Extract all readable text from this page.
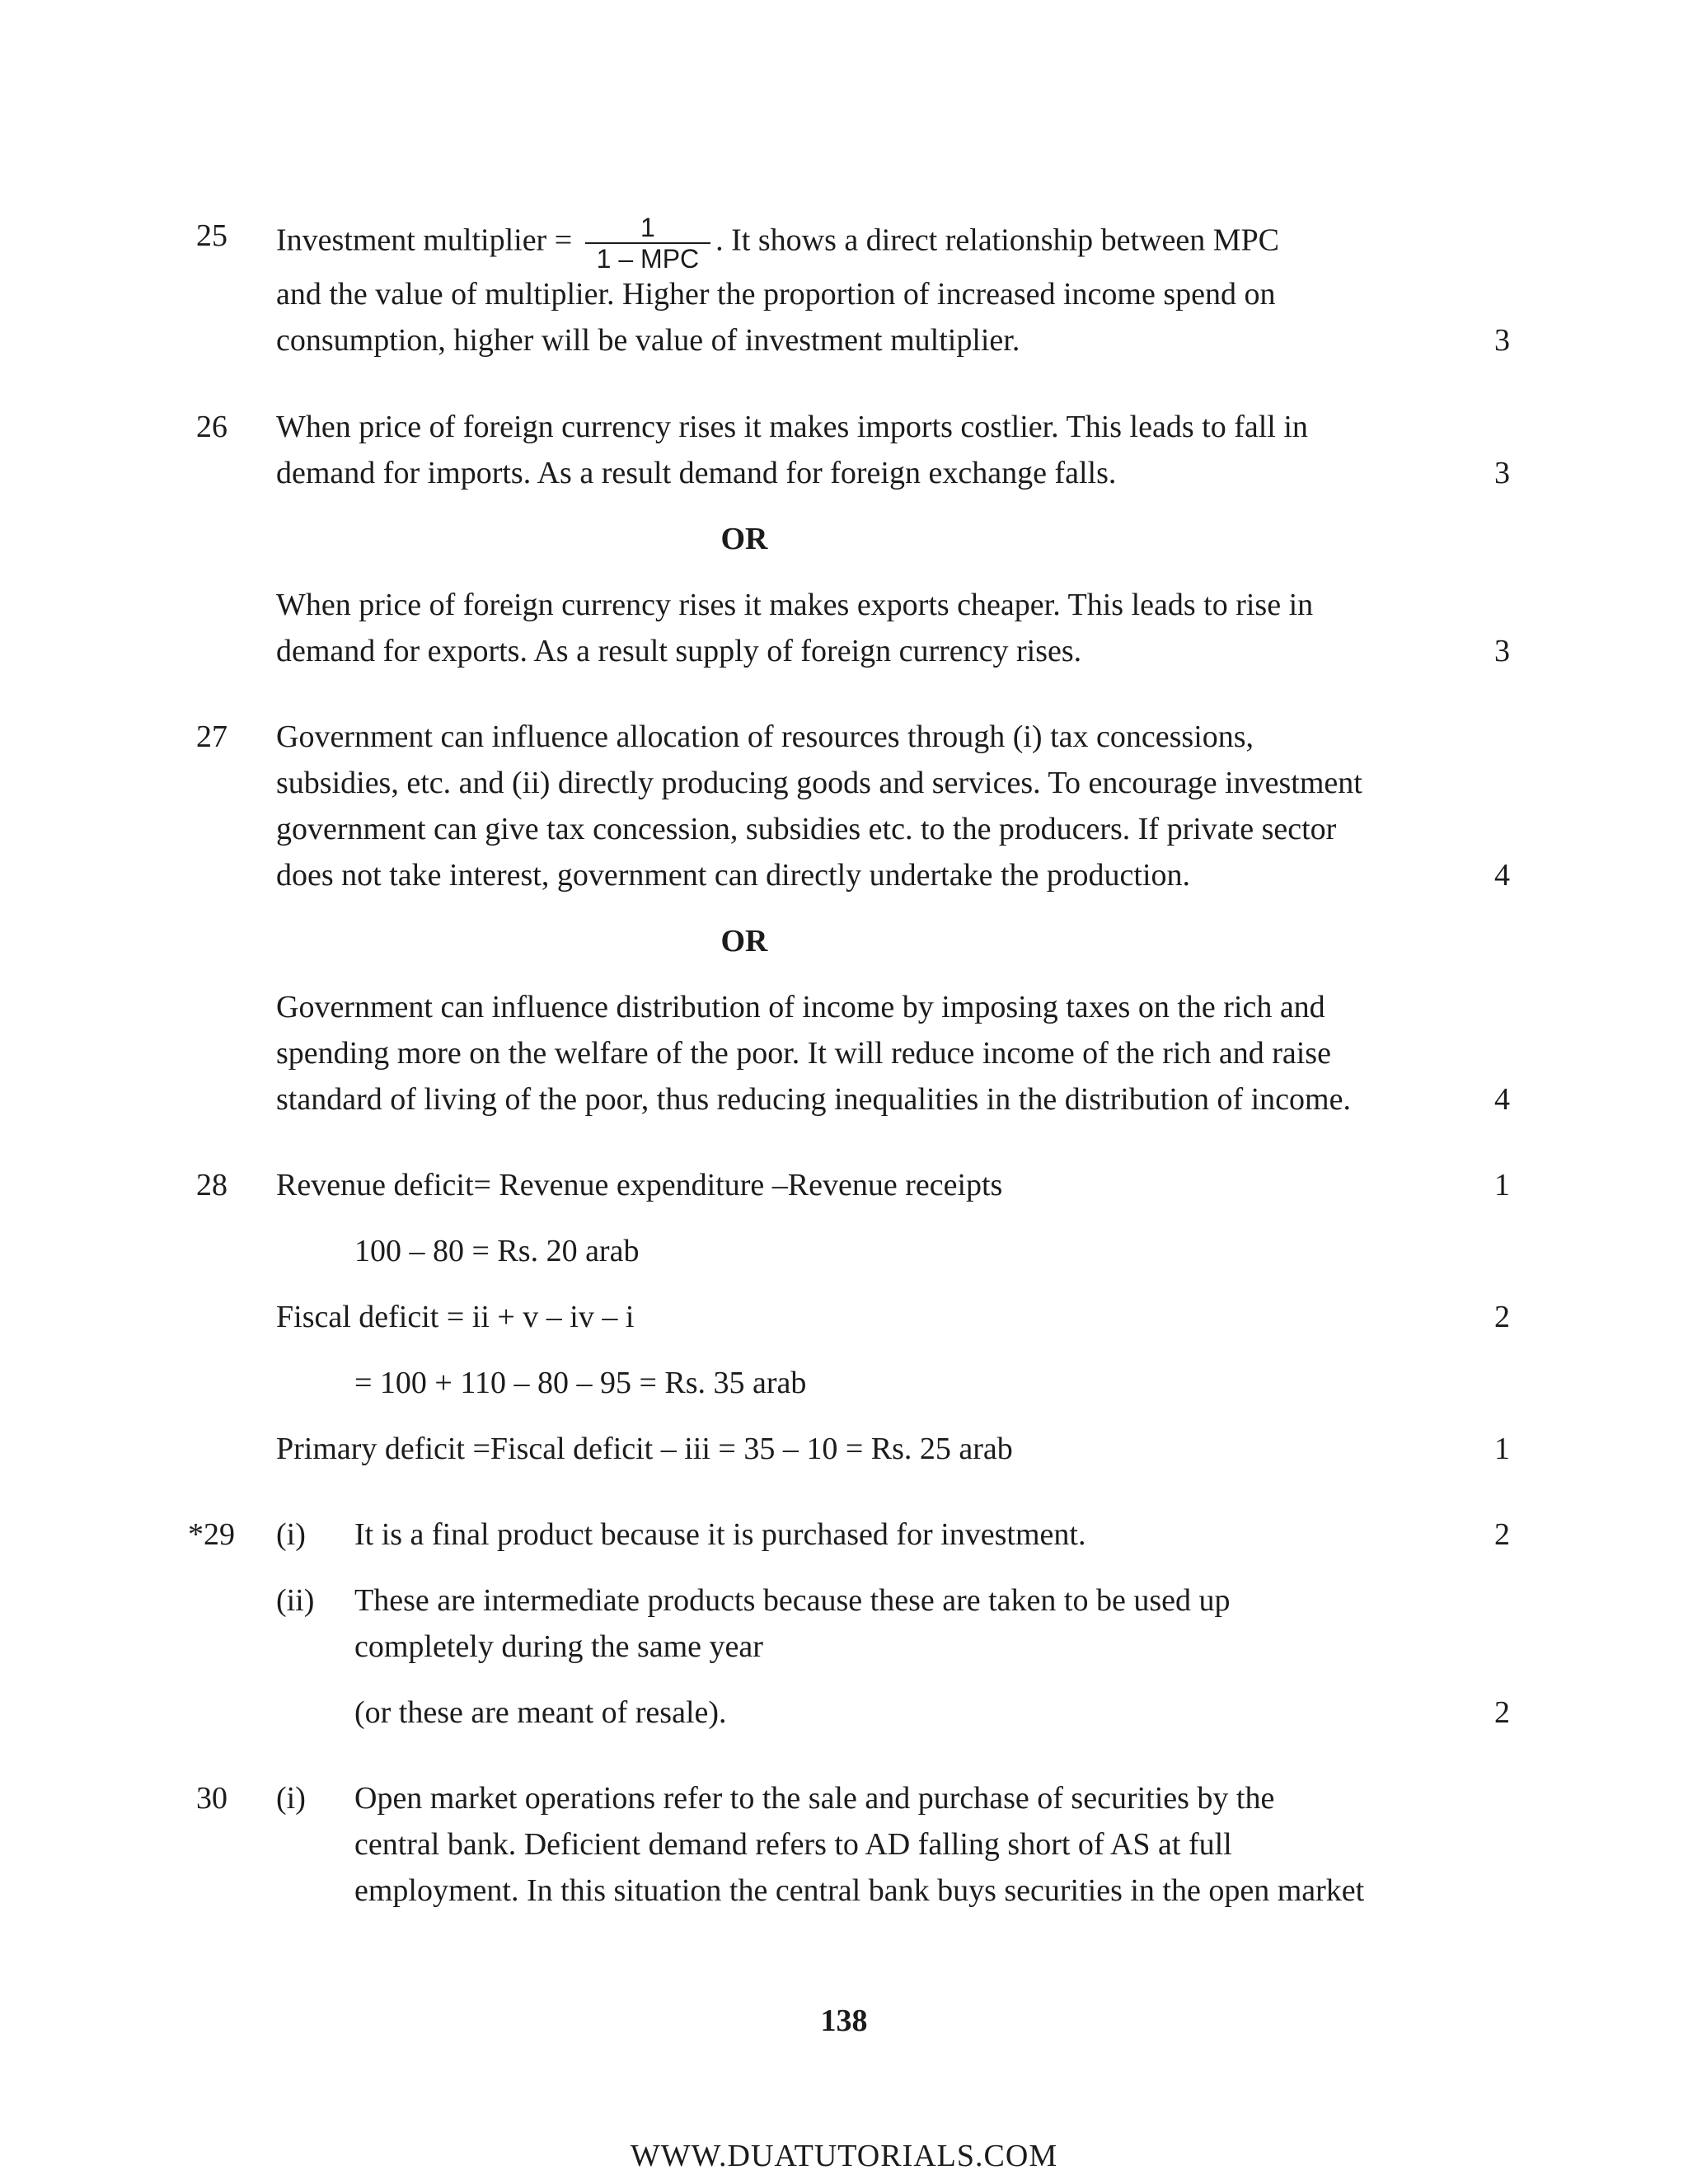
25 Investment multiplier = $\frac{1}{\text{1 – MPC}}$ . It shows a direct relationship between MPC
and the value of multiplier. Higher the proportion of increased income spend on
consumption, higher will be value of investment multiplier.	3
26 When price of foreign currency rises it makes imports costlier. This leads to fall in
demand for imports. As a result demand for foreign exchange falls.	3
OR
When price of foreign currency rises it makes exports cheaper. This leads to rise in
demand for exports. As a result supply of foreign currency rises.	3
27 Government can influence allocation of resources through (i) tax concessions,
subsidies, etc. and (ii) directly producing goods and services. To encourage investment
government can give tax concession, subsidies etc. to the producers. If private sector
does not take interest, government can directly undertake the production.	4
OR
Government can influence distribution of income by imposing taxes on the rich and
spending more on the welfare of the poor. It will reduce income of the rich and raise
standard of living of the poor, thus reducing inequalities in the distribution of income.	4
28 Revenue deficit= Revenue expenditure –Revenue receipts	1
100 – 80 = Rs. 20 arab
Fiscal deficit = ii + v – iv – i	2
= 100 + 110 – 80 – 95 = Rs. 35 arab
Primary deficit =Fiscal deficit – iii = 35 – 10 = Rs. 25 arab	1
*29 (i) It is a final product because it is purchased for investment.	2
(ii) These are intermediate products because these are taken to be used up
completely during the same year
(or these are meant of resale).	2
30 (i) Open market operations refer to the sale and purchase of securities by the
central bank. Deficient demand refers to AD falling short of AS at full
employment. In this situation the central bank buys securities in the open market
138
WWW.DUATUTORIALS.COM
